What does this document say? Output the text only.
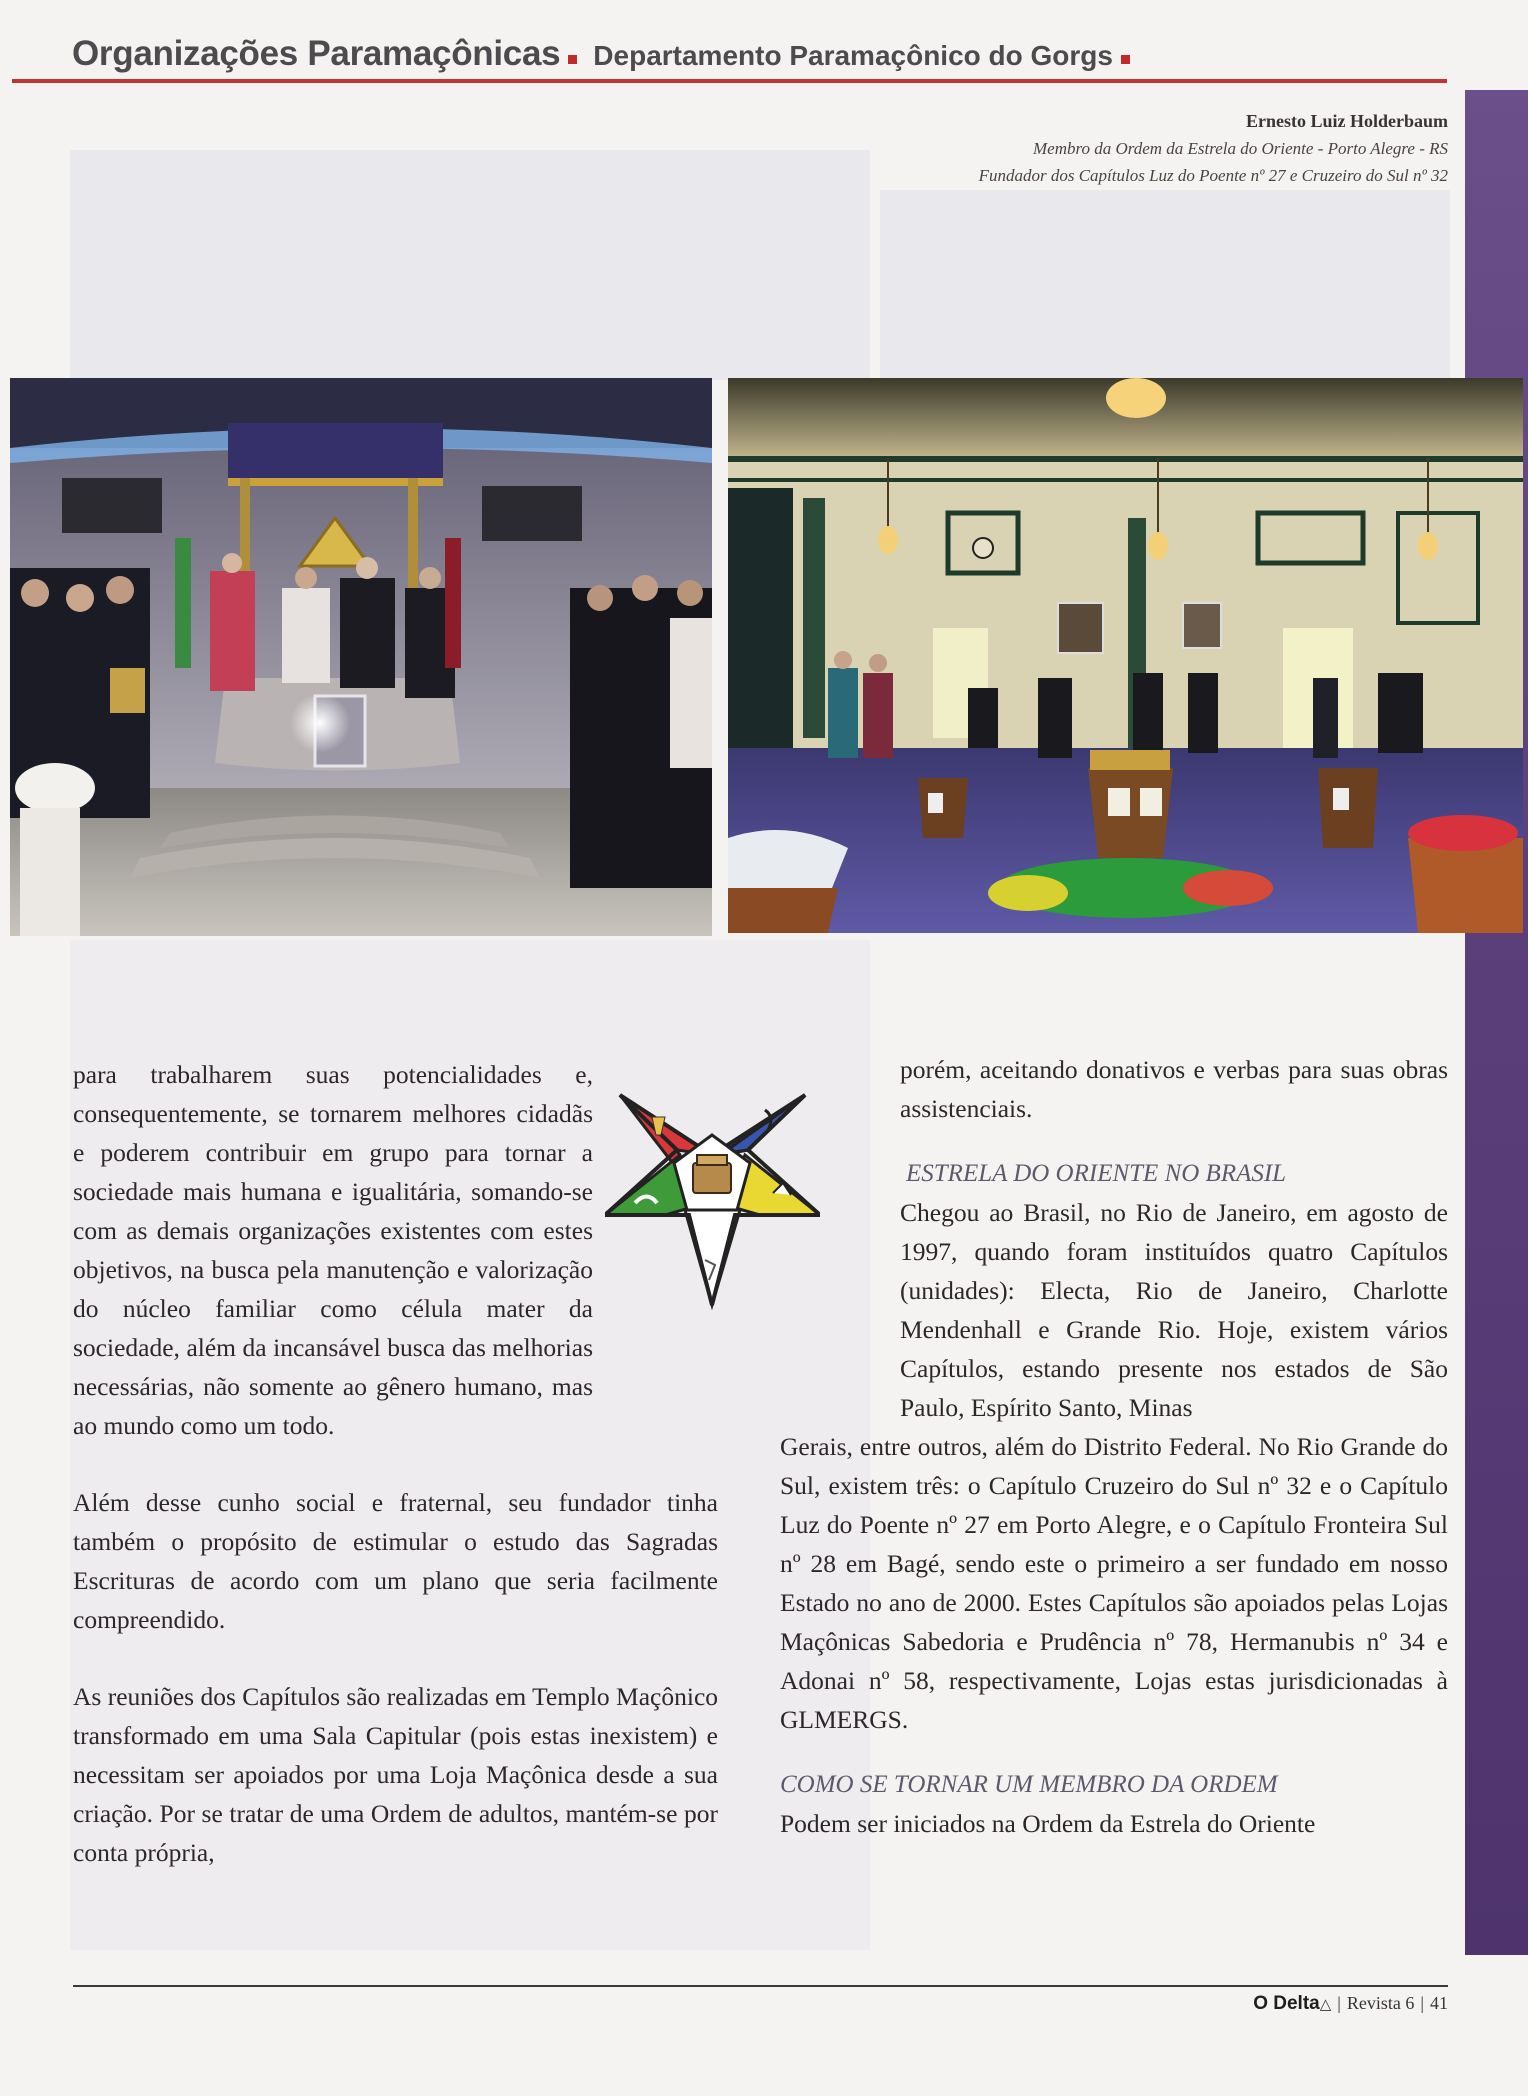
Organizações Paramaçônicas Departamento Paramaçônico do Gorgs
Ernesto Luiz Holderbaum
Membro da Ordem da Estrela do Oriente - Porto Alegre - RS
Fundador dos Capítulos Luz do Poente nº 27 e Cruzeiro do Sul nº 32

para trabalharem suas potencialidades e, consequentemente, se tornarem melhores cidadãs e poderem contribuir em grupo para tornar a sociedade mais humana e igualitária, somando-se com as demais organizações existentes com estes objetivos, na busca pela manutenção e valorização do núcleo familiar como célula mater da sociedade, além da incansável busca das melhorias necessárias, não somente ao gênero humano, mas ao mundo como um todo.

Além desse cunho social e fraternal, seu fundador tinha também o propósito de estimular o estudo das Sagradas Escrituras de acordo com um plano que seria facilmente compreendido.

As reuniões dos Capítulos são realizadas em Templo Maçônico transformado em uma Sala Capitular (pois estas inexistem) e necessitam ser apoiados por uma Loja Maçônica desde a sua criação. Por se tratar de uma Ordem de adultos, mantém-se por conta própria,

porém, aceitando donativos e verbas para suas obras assistenciais.

ESTRELA DO ORIENTE NO BRASIL

Chegou ao Brasil, no Rio de Janeiro, em agosto de 1997, quando foram instituídos quatro Capítulos (unidades): Electa, Rio de Janeiro, Charlotte Mendenhall e Grande Rio. Hoje, existem vários Capítulos, estando presente nos estados de São Paulo, Espírito Santo, Minas

Gerais, entre outros, além do Distrito Federal. No Rio Grande do Sul, existem três: o Capítulo Cruzeiro do Sul nº 32 e o Capítulo Luz do Poente nº 27 em Porto Alegre, e o Capítulo Fronteira Sul nº 28 em Bagé, sendo este o primeiro a ser fundado em nosso Estado no ano de 2000. Estes Capítulos são apoiados pelas Lojas Maçônicas Sabedoria e Prudência nº 78, Hermanubis nº 34 e Adonai nº 58, respectivamente, Lojas estas jurisdicionadas à GLMERGS.

COMO SE TORNAR UM MEMBRO DA ORDEM

Podem ser iniciados na Ordem da Estrela do Oriente

O Delta△ | Revista 6 | 41
